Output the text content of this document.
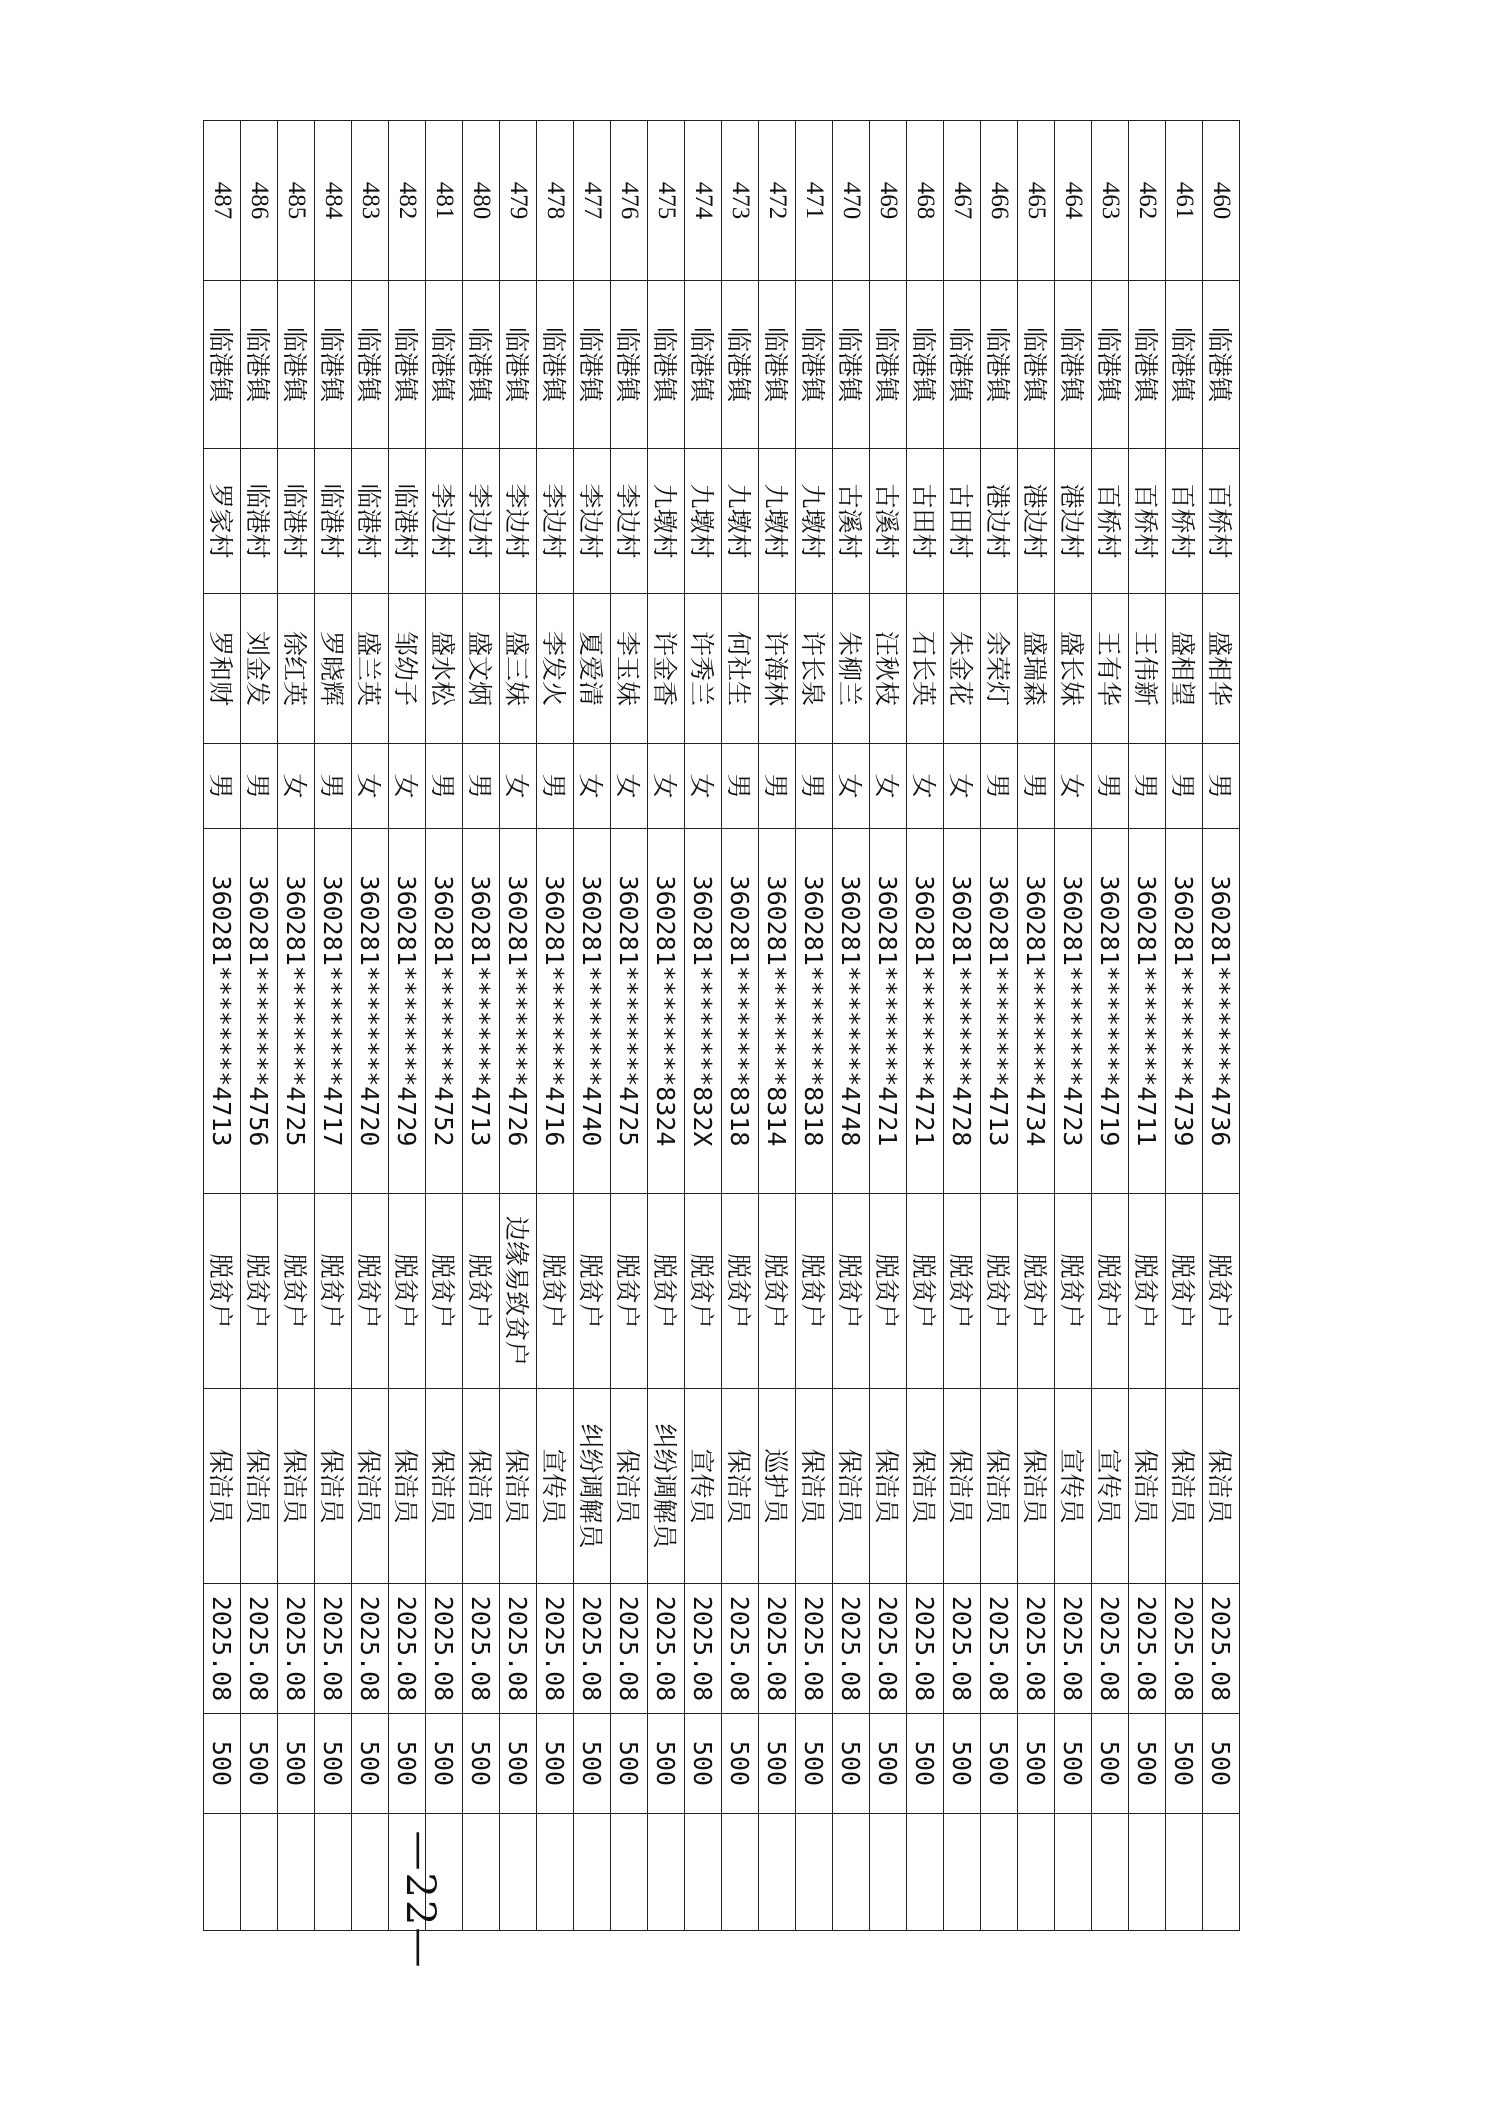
460	临港镇	百桥村	盛相华	男	360281********4736	脱贫户	保洁员	2025.08	500	
461	临港镇	百桥村	盛相望	男	360281********4739	脱贫户	保洁员	2025.08	500	
462	临港镇	百桥村	王伟新	男	360281********4711	脱贫户	保洁员	2025.08	500	
463	临港镇	百桥村	王有华	男	360281********4719	脱贫户	宣传员	2025.08	500	
464	临港镇	港边村	盛长妹	女	360281********4723	脱贫户	宣传员	2025.08	500	
465	临港镇	港边村	盛瑞森	男	360281********4734	脱贫户	保洁员	2025.08	500	
466	临港镇	港边村	余荣灯	男	360281********4713	脱贫户	保洁员	2025.08	500	
467	临港镇	古田村	朱金花	女	360281********4728	脱贫户	保洁员	2025.08	500	
468	临港镇	古田村	石长英	女	360281********4721	脱贫户	保洁员	2025.08	500	
469	临港镇	古溪村	汪秋枝	女	360281********4721	脱贫户	保洁员	2025.08	500	
470	临港镇	古溪村	朱柳兰	女	360281********4748	脱贫户	保洁员	2025.08	500	
471	临港镇	九墩村	许长泉	男	360281********8318	脱贫户	保洁员	2025.08	500	
472	临港镇	九墩村	许海林	男	360281********8314	脱贫户	巡护员	2025.08	500	
473	临港镇	九墩村	何社生	男	360281********8318	脱贫户	保洁员	2025.08	500	
474	临港镇	九墩村	许秀兰	女	360281********832X	脱贫户	宣传员	2025.08	500	
475	临港镇	九墩村	许金香	女	360281********8324	脱贫户	纠纷调解员	2025.08	500	
476	临港镇	李边村	李玉妹	女	360281********4725	脱贫户	保洁员	2025.08	500	
477	临港镇	李边村	夏爱清	女	360281********4740	脱贫户	纠纷调解员	2025.08	500	
478	临港镇	李边村	李发火	男	360281********4716	脱贫户	宣传员	2025.08	500	
479	临港镇	李边村	盛三妹	女	360281********4726	边缘易致贫户	保洁员	2025.08	500	
480	临港镇	李边村	盛文炳	男	360281********4713	脱贫户	保洁员	2025.08	500	
481	临港镇	李边村	盛水松	男	360281********4752	脱贫户	保洁员	2025.08	500	
482	临港镇	临港村	邹幼子	女	360281********4729	脱贫户	保洁员	2025.08	500	
483	临港镇	临港村	盛兰英	女	360281********4720	脱贫户	保洁员	2025.08	500	
484	临港镇	临港村	罗晓辉	男	360281********4717	脱贫户	保洁员	2025.08	500	
485	临港镇	临港村	徐红英	女	360281********4725	脱贫户	保洁员	2025.08	500	
486	临港镇	临港村	刘金发	男	360281********4756	脱贫户	保洁员	2025.08	500	
487	临港镇	罗家村	罗和财	男	360281********4713	脱贫户	保洁员	2025.08	500	
—22—
